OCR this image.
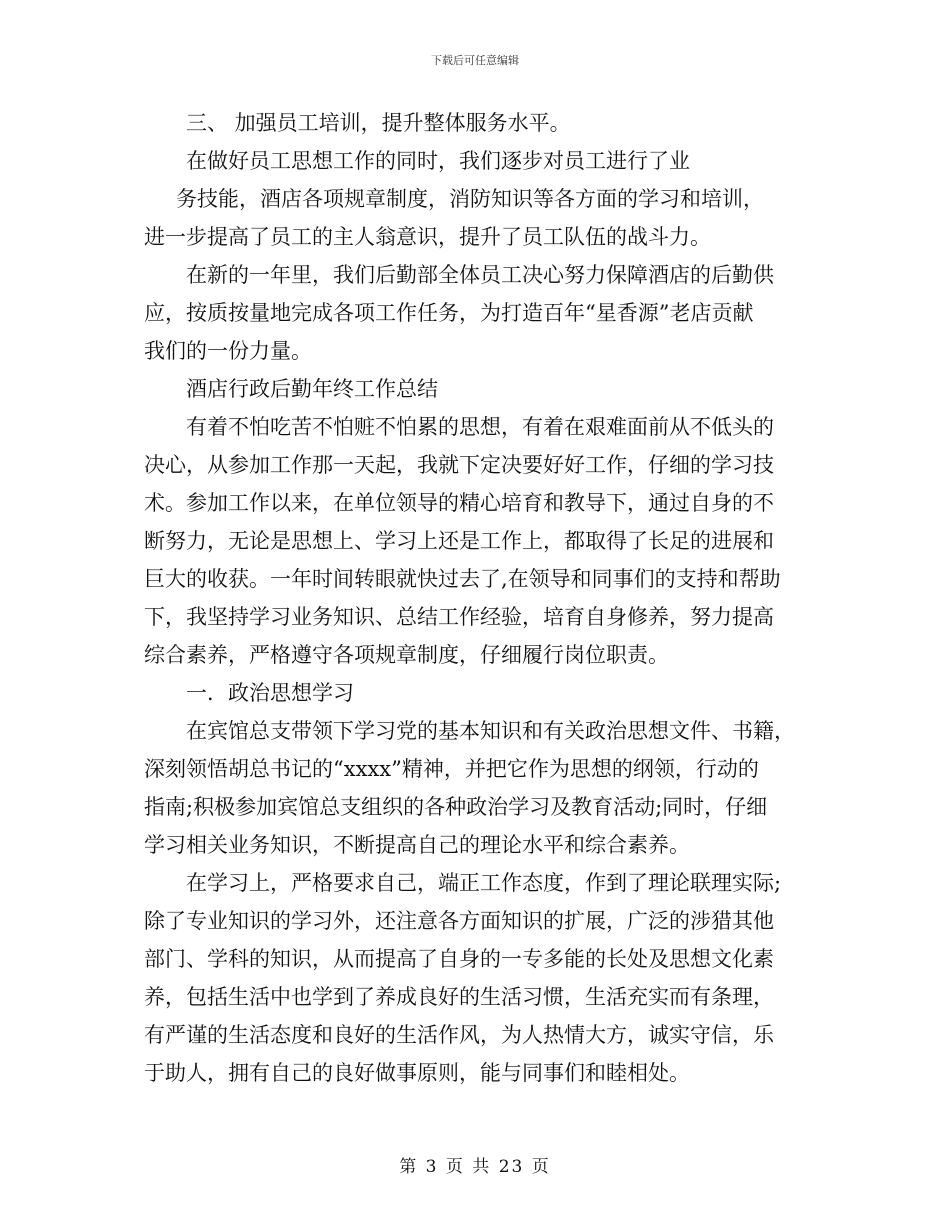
下载后可任意编辑
三、 加强员工培训，提升整体服务水平。
在做好员工思想工作的同时，我们逐步对员工进行了业
务技能，酒店各项规章制度，消防知识等各方面的学习和培训，
进一步提高了员工的主人翁意识，提升了员工队伍的战斗力。
在新的一年里，我们后勤部全体员工决心努力保障酒店的后勤供
应，按质按量地完成各项工作任务，为打造百年“星香源”老店贡献
我们的一份力量。
酒店行政后勤年终工作总结
有着不怕吃苦不怕赃不怕累的思想，有着在艰难面前从不低头的
决心，从参加工作那一天起，我就下定决要好好工作，仔细的学习技
术。参加工作以来，在单位领导的精心培育和教导下，通过自身的不
断努力，无论是思想上、学习上还是工作上，都取得了长足的进展和
巨大的收获。一年时间转眼就快过去了,在领导和同事们的支持和帮助
下，我坚持学习业务知识、总结工作经验，培育自身修养，努力提高
综合素养，严格遵守各项规章制度，仔细履行岗位职责。
一．政治思想学习
在宾馆总支带领下学习党的基本知识和有关政治思想文件、书籍，
深刻领悟胡总书记的“xxxx”精神，并把它作为思想的纲领，行动的
指南;积极参加宾馆总支组织的各种政治学习及教育活动;同时，仔细
学习相关业务知识，不断提高自己的理论水平和综合素养。
在学习上，严格要求自己，端正工作态度，作到了理论联理实际;
除了专业知识的学习外，还注意各方面知识的扩展，广泛的涉猎其他
部门、学科的知识，从而提高了自身的一专多能的长处及思想文化素
养，包括生活中也学到了养成良好的生活习惯，生活充实而有条理，
有严谨的生活态度和良好的生活作风，为人热情大方，诚实守信，乐
于助人，拥有自己的良好做事原则，能与同事们和睦相处。
第 3 页 共 23 页
